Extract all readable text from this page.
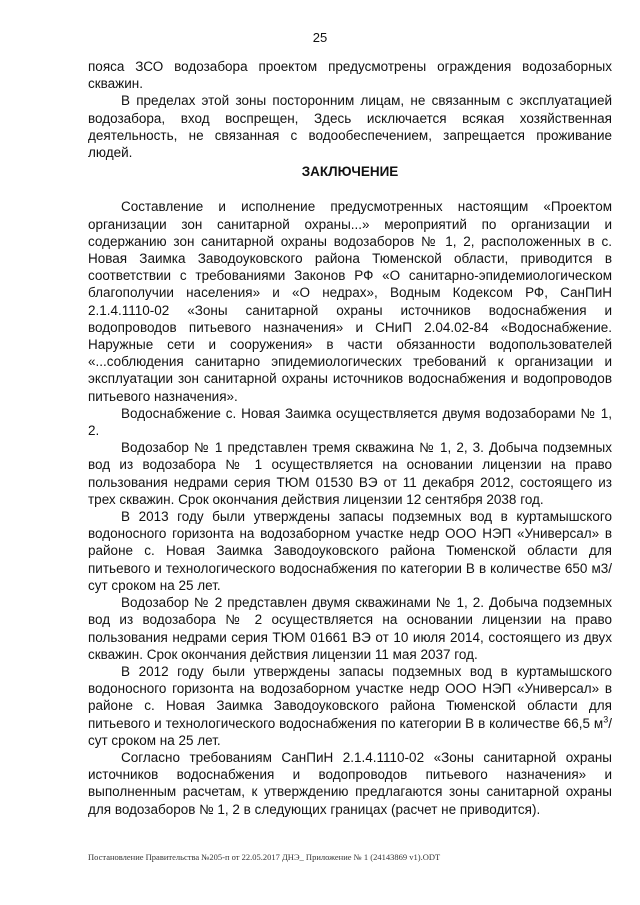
25

пояса ЗСО водозабора проектом предусмотрены ограждения водозаборных скважин.

В пределах этой зоны посторонним лицам, не связанным с эксплуатацией водозабора, вход воспрещен, Здесь исключается всякая хозяйственная деятельность, не связанная с водообеспечением, запрещается проживание людей.

ЗАКЛЮЧЕНИЕ

Составление и исполнение предусмотренных настоящим «Проектом организации зон санитарной охраны...» мероприятий по организации и содержанию зон санитарной охраны водозаборов № 1, 2, расположенных в с. Новая Заимка Заводоуковского района Тюменской области, приводится в соответствии с требованиями Законов РФ «О санитарно-эпидемиологическом благополучии населения» и «О недрах», Водным Кодексом РФ, СанПиН 2.1.4.1110-02 «Зоны санитарной охраны источников водоснабжения и водопроводов питьевого назначения» и СНиП 2.04.02-84 «Водоснабжение. Наружные сети и сооружения» в части обязанности водопользователей «...соблюдения санитарно эпидемиологических требований к организации и эксплуатации зон санитарной охраны источников водоснабжения и водопроводов питьевого назначения».

Водоснабжение с. Новая Заимка осуществляется двумя водозаборами № 1, 2.

Водозабор № 1 представлен тремя скважина № 1, 2, 3. Добыча подземных вод из водозабора № 1 осуществляется на основании лицензии на право пользования недрами серия ТЮМ 01530 ВЭ от 11 декабря 2012, состоящего из трех скважин. Срок окончания действия лицензии 12 сентября 2038 год.

В 2013 году были утверждены запасы подземных вод в куртамышского водоносного горизонта на водозаборном участке недр ООО НЭП «Универсал» в районе с. Новая Заимка Заводоуковского района Тюменской области для питьевого и технологического водоснабжения по категории В в количестве 650 м3/сут сроком на 25 лет.

Водозабор № 2 представлен двумя скважинами № 1, 2. Добыча подземных вод из водозабора № 2 осуществляется на основании лицензии на право пользования недрами серия ТЮМ 01661 ВЭ от 10 июля 2014, состоящего из двух скважин. Срок окончания действия лицензии 11 мая 2037 год.

В 2012 году были утверждены запасы подземных вод в куртамышского водоносного горизонта на водозаборном участке недр ООО НЭП «Универсал» в районе с. Новая Заимка Заводоуковского района Тюменской области для питьевого и технологического водоснабжения по категории В в количестве 66,5 $м^3$/сут сроком на 25 лет.

Согласно требованиям СанПиН 2.1.4.1110-02 «Зоны санитарной охраны источников водоснабжения и водопроводов питьевого назначения» и выполненным расчетам, к утверждению предлагаются зоны санитарной охраны для водозаборов № 1, 2 в следующих границах (расчет не приводится).

Постановление Правительства №205-п от 22.05.2017 ДНЭ_ Приложение № 1 (24143869 v1).ODT
